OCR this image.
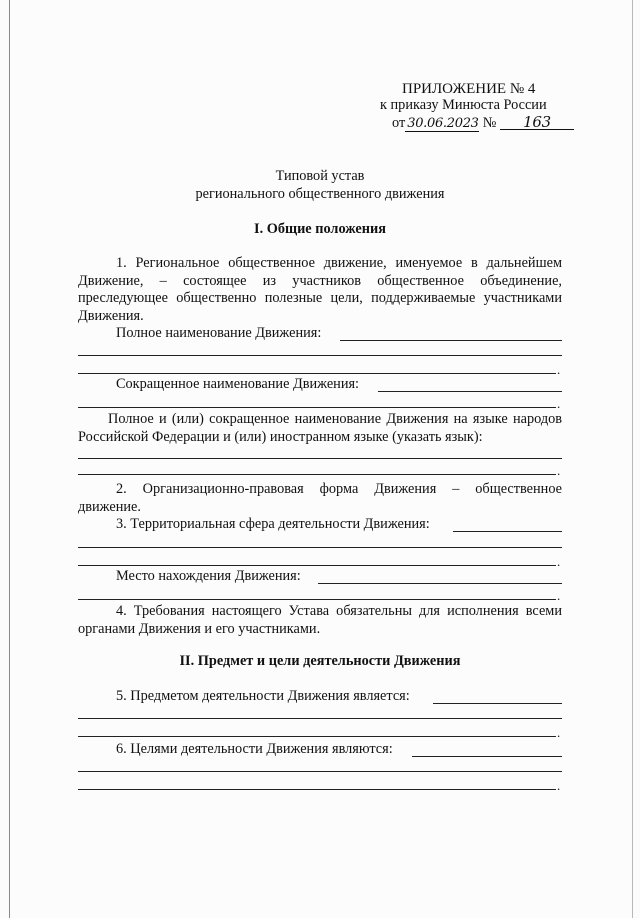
ПРИЛОЖЕНИЕ № 4
к приказу Минюста России
от 30.06.2023 № 163
Типовой устав
регионального общественного движения
I. Общие положения
1. Региональное общественное движение, именуемое в дальнейшем Движение, – состоящее из участников общественное объединение, преследующее общественно полезные цели, поддерживаемые участниками Движения.
Полное наименование Движения:
.
Сокращенное наименование Движения:
.
Полное и (или) сокращенное наименование Движения на языке народов Российской Федерации и (или) иностранном языке (указать язык):
.
2. Организационно-правовая форма Движения – общественное движение.
3. Территориальная сфера деятельности Движения:
.
Место нахождения Движения:
.
4. Требования настоящего Устава обязательны для исполнения всеми органами Движения и его участниками.
II. Предмет и цели деятельности Движения
5. Предметом деятельности Движения является:
.
6. Целями деятельности Движения являются:
.
